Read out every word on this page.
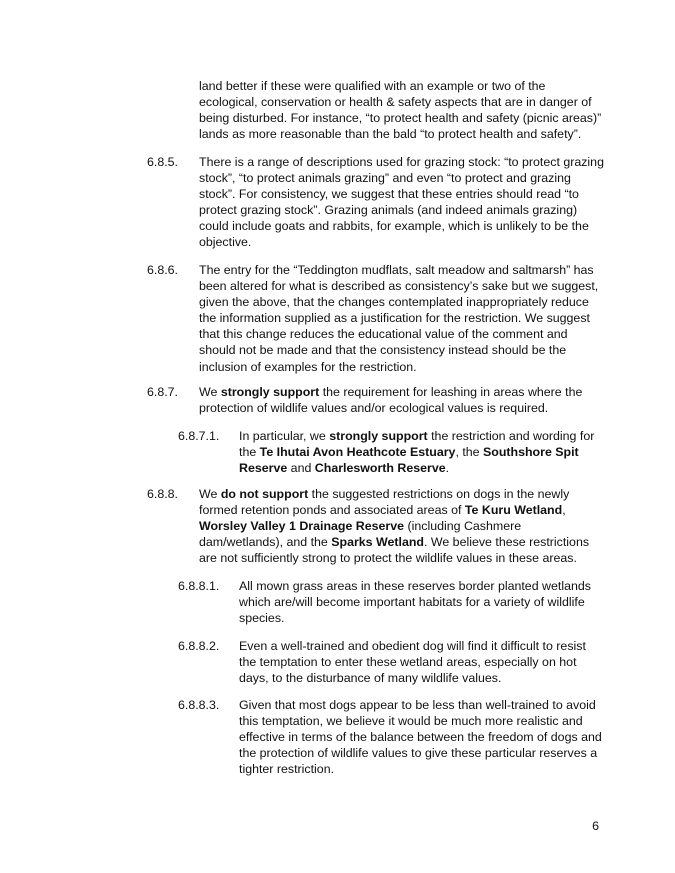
land better if these were qualified with an example or two of the ecological, conservation or health & safety aspects that are in danger of being disturbed. For instance, “to protect health and safety (picnic areas)” lands as more reasonable than the bald “to protect health and safety”.
6.8.5. There is a range of descriptions used for grazing stock: “to protect grazing stock”, “to protect animals grazing” and even “to protect and grazing stock”. For consistency, we suggest that these entries should read “to protect grazing stock”. Grazing animals (and indeed animals grazing) could include goats and rabbits, for example, which is unlikely to be the objective.
6.8.6. The entry for the “Teddington mudflats, salt meadow and saltmarsh” has been altered for what is described as consistency’s sake but we suggest, given the above, that the changes contemplated inappropriately reduce the information supplied as a justification for the restriction. We suggest that this change reduces the educational value of the comment and should not be made and that the consistency instead should be the inclusion of examples for the restriction.
6.8.7. We strongly support the requirement for leashing in areas where the protection of wildlife values and/or ecological values is required.
6.8.7.1. In particular, we strongly support the restriction and wording for the Te Ihutai Avon Heathcote Estuary, the Southshore Spit Reserve and Charlesworth Reserve.
6.8.8. We do not support the suggested restrictions on dogs in the newly formed retention ponds and associated areas of Te Kuru Wetland, Worsley Valley 1 Drainage Reserve (including Cashmere dam/wetlands), and the Sparks Wetland. We believe these restrictions are not sufficiently strong to protect the wildlife values in these areas.
6.8.8.1. All mown grass areas in these reserves border planted wetlands which are/will become important habitats for a variety of wildlife species.
6.8.8.2. Even a well-trained and obedient dog will find it difficult to resist the temptation to enter these wetland areas, especially on hot days, to the disturbance of many wildlife values.
6.8.8.3. Given that most dogs appear to be less than well-trained to avoid this temptation, we believe it would be much more realistic and effective in terms of the balance between the freedom of dogs and the protection of wildlife values to give these particular reserves a tighter restriction.
6
